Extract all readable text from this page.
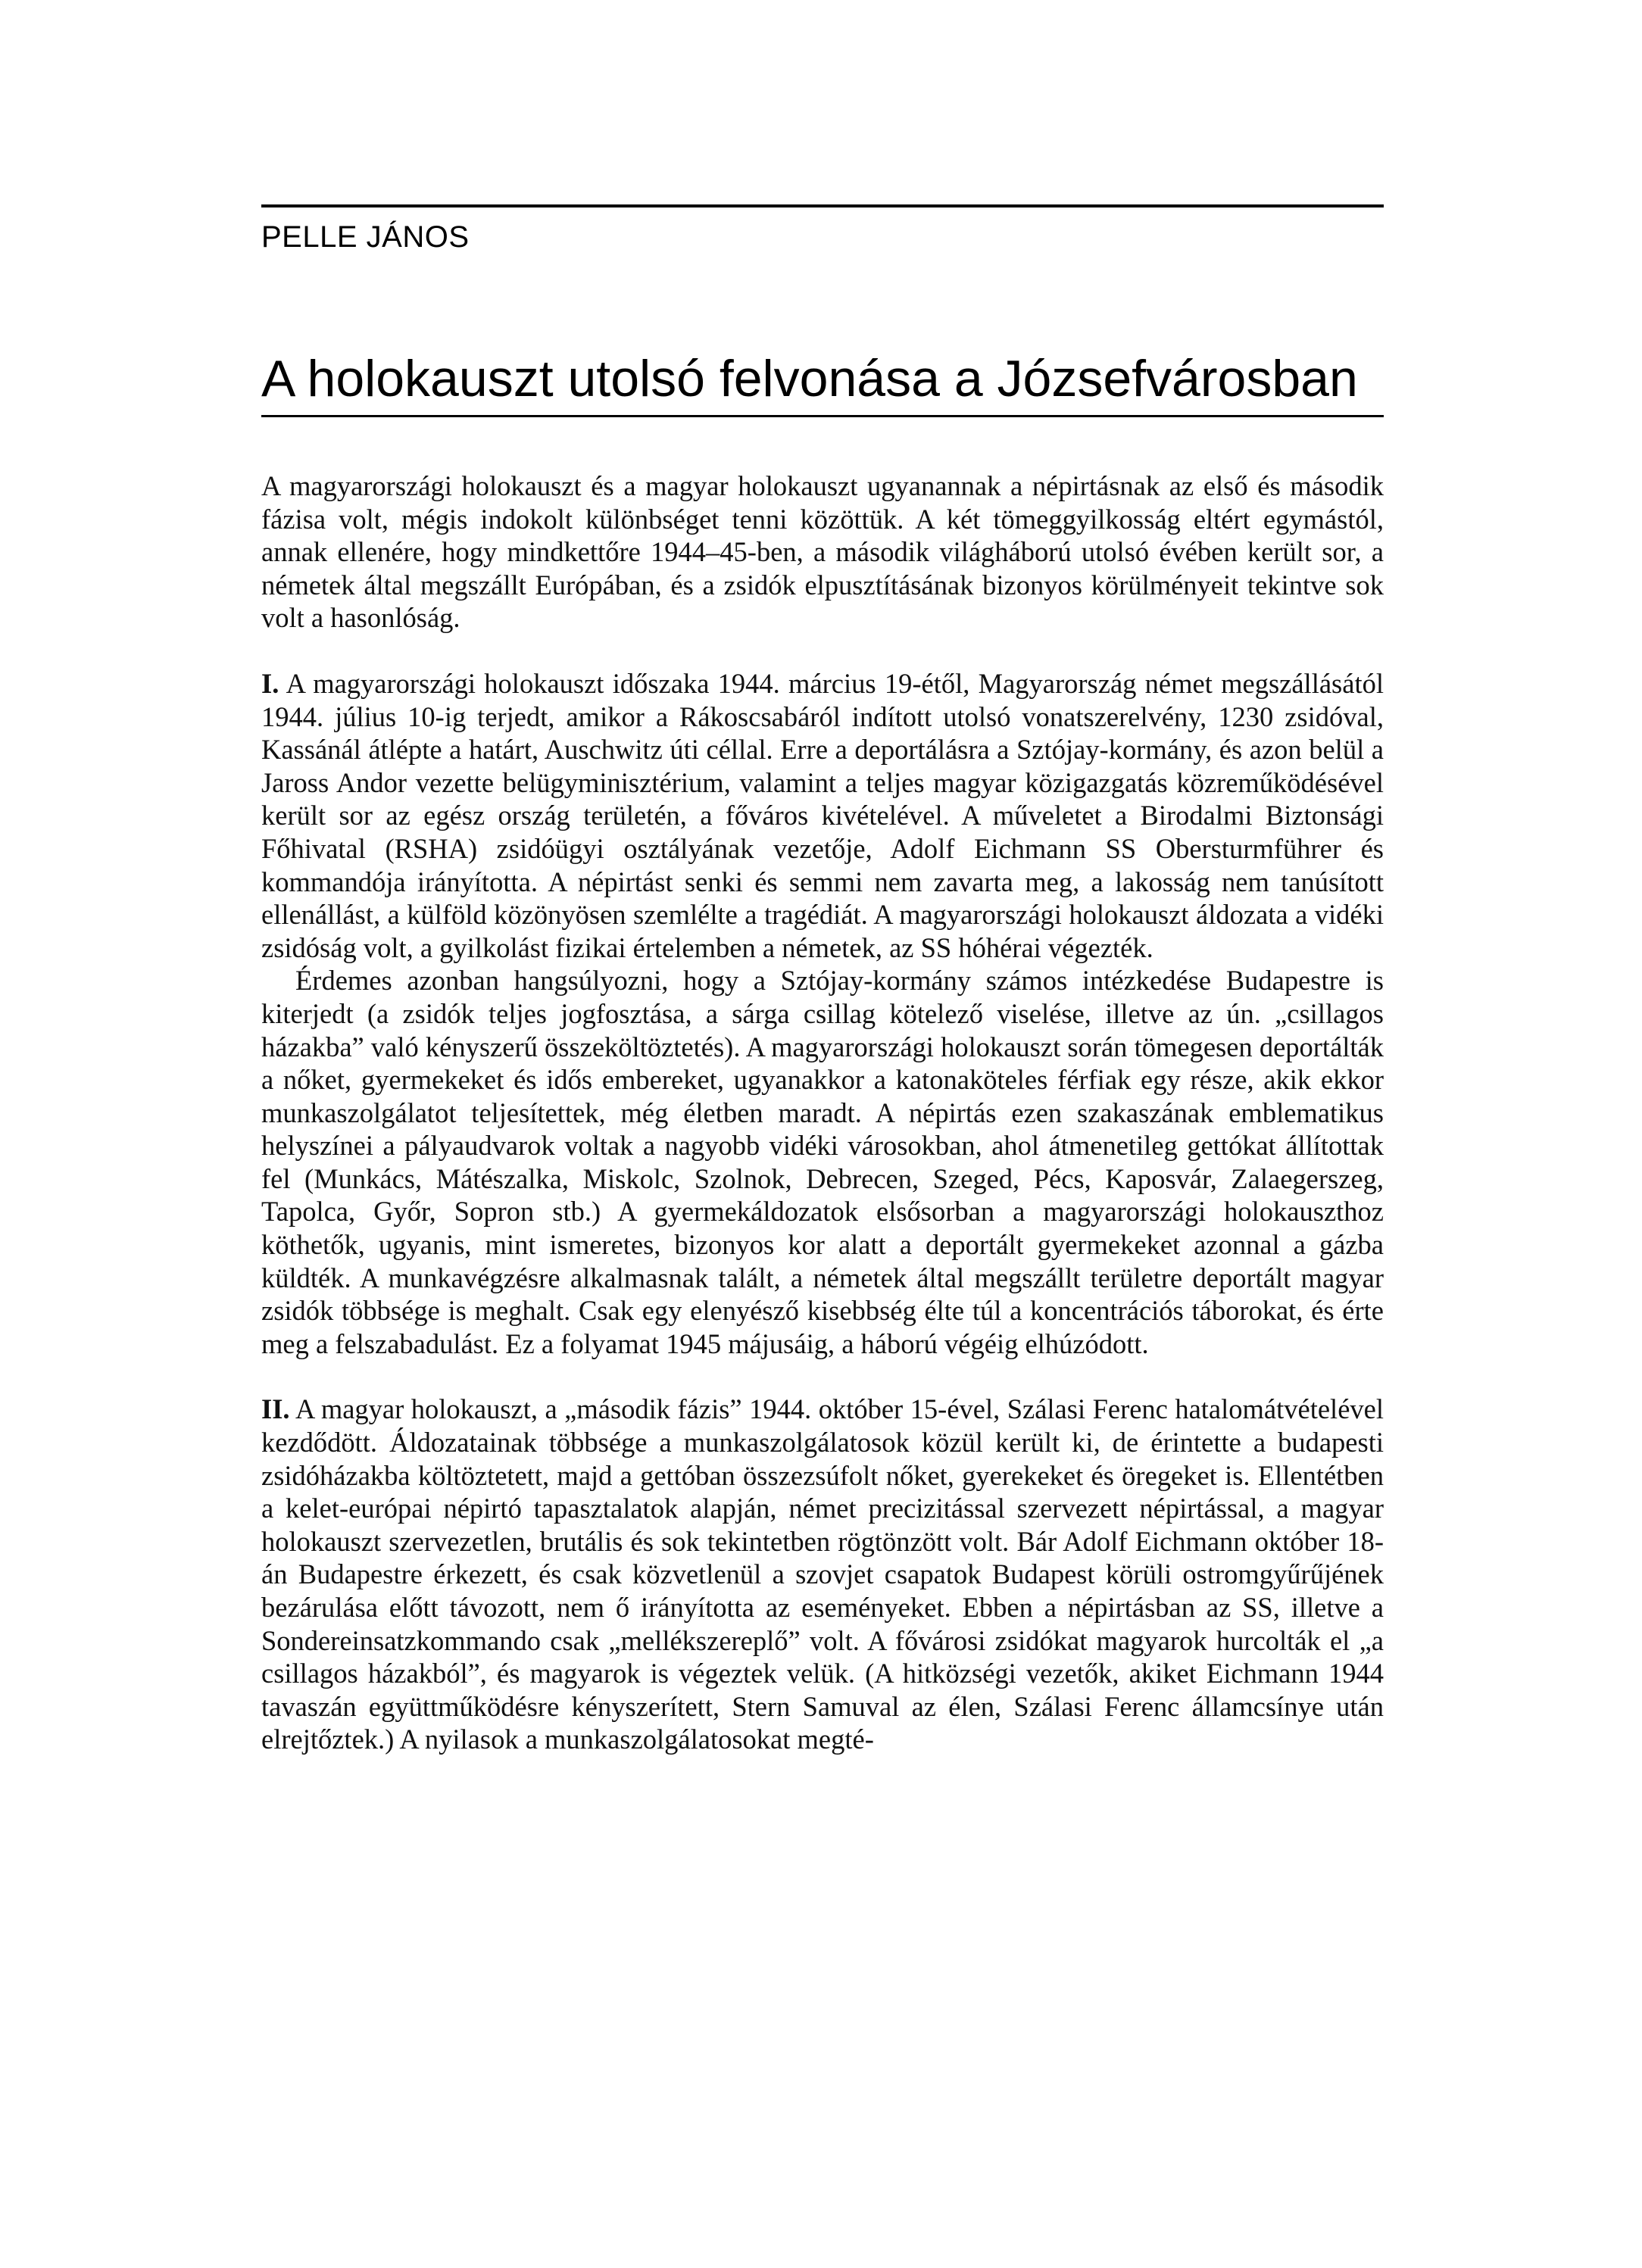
PELLE JÁNOS
A holokauszt utolsó felvonása a Józsefvárosban

A magyarországi holokauszt és a magyar holokauszt ugyanannak a népirtásnak az első és második fázisa volt, mégis indokolt különbséget tenni közöttük. A két tömeggyilkosság eltért egymástól, annak ellenére, hogy mindkettőre 1944–45-ben, a második világháború utolsó évében került sor, a németek által megszállt Európában, és a zsidók elpusztításának bizonyos körülményeit tekintve sok volt a hasonlóság.

I. A magyarországi holokauszt időszaka 1944. március 19-étől, Magyarország német megszállásától 1944. július 10-ig terjedt, amikor a Rákoscsabáról indított utolsó vonatszerelvény, 1230 zsidóval, Kassánál átlépte a határt, Auschwitz úti céllal. Erre a deportálásra a Sztójay-kormány, és azon belül a Jaross Andor vezette belügyminisztérium, valamint a teljes magyar közigazgatás közreműködésével került sor az egész ország területén, a főváros kivételével. A műveletet a Birodalmi Biztonsági Főhivatal (RSHA) zsidóügyi osztályának vezetője, Adolf Eichmann SS Obersturmführer és kommandója irányította. A népirtást senki és semmi nem zavarta meg, a lakosság nem tanúsított ellenállást, a külföld közönyösen szemlélte a tragédiát. A magyarországi holokauszt áldozata a vidéki zsidóság volt, a gyilkolást fizikai értelemben a németek, az SS hóhérai végezték.

Érdemes azonban hangsúlyozni, hogy a Sztójay-kormány számos intézkedése Budapestre is kiterjedt (a zsidók teljes jogfosztása, a sárga csillag kötelező viselése, illetve az ún. „csillagos házakba” való kényszerű összeköltöztetés). A magyarországi holokauszt során tömegesen deportálták a nőket, gyermekeket és idős embereket, ugyanakkor a katonaköteles férfiak egy része, akik ekkor munkaszolgálatot teljesítettek, még életben maradt. A népirtás ezen szakaszának emblematikus helyszínei a pályaudvarok voltak a nagyobb vidéki városokban, ahol átmenetileg gettókat állítottak fel (Munkács, Mátészalka, Miskolc, Szolnok, Debrecen, Szeged, Pécs, Kaposvár, Zalaegerszeg, Tapolca, Győr, Sopron stb.) A gyermekáldozatok elsősorban a magyarországi holokauszthoz köthetők, ugyanis, mint ismeretes, bizonyos kor alatt a deportált gyermekeket azonnal a gázba küldték. A munkavégzésre alkalmasnak talált, a németek által megszállt területre deportált magyar zsidók többsége is meghalt. Csak egy elenyésző kisebbség élte túl a koncentrációs táborokat, és érte meg a felszabadulást. Ez a folyamat 1945 májusáig, a háború végéig elhúzódott.

II. A magyar holokauszt, a „második fázis” 1944. október 15-ével, Szálasi Ferenc hatalomátvételével kezdődött. Áldozatainak többsége a munkaszolgálatosok közül került ki, de érintette a budapesti zsidóházakba költöztetett, majd a gettóban összezsúfolt nőket, gyerekeket és öregeket is. Ellentétben a kelet-európai népirtó tapasztalatok alapján, német precizitással szervezett népirtással, a magyar holokauszt szervezetlen, brutális és sok tekintetben rögtönzött volt. Bár Adolf Eichmann október 18-án Budapestre érkezett, és csak közvetlenül a szovjet csapatok Budapest körüli ostromgyűrűjének bezárulása előtt távozott, nem ő irányította az eseményeket. Ebben a népirtásban az SS, illetve a Sondereinsatzkommando csak „mellékszereplő” volt. A fővárosi zsidókat magyarok hurcolták el „a csillagos házakból”, és magyarok is végeztek velük. (A hitközségi vezetők, akiket Eichmann 1944 tavaszán együttműködésre kényszerített, Stern Samuval az élen, Szálasi Ferenc államcsínye után elrejtőztek.) A nyilasok a munkaszolgálatosokat megté-
